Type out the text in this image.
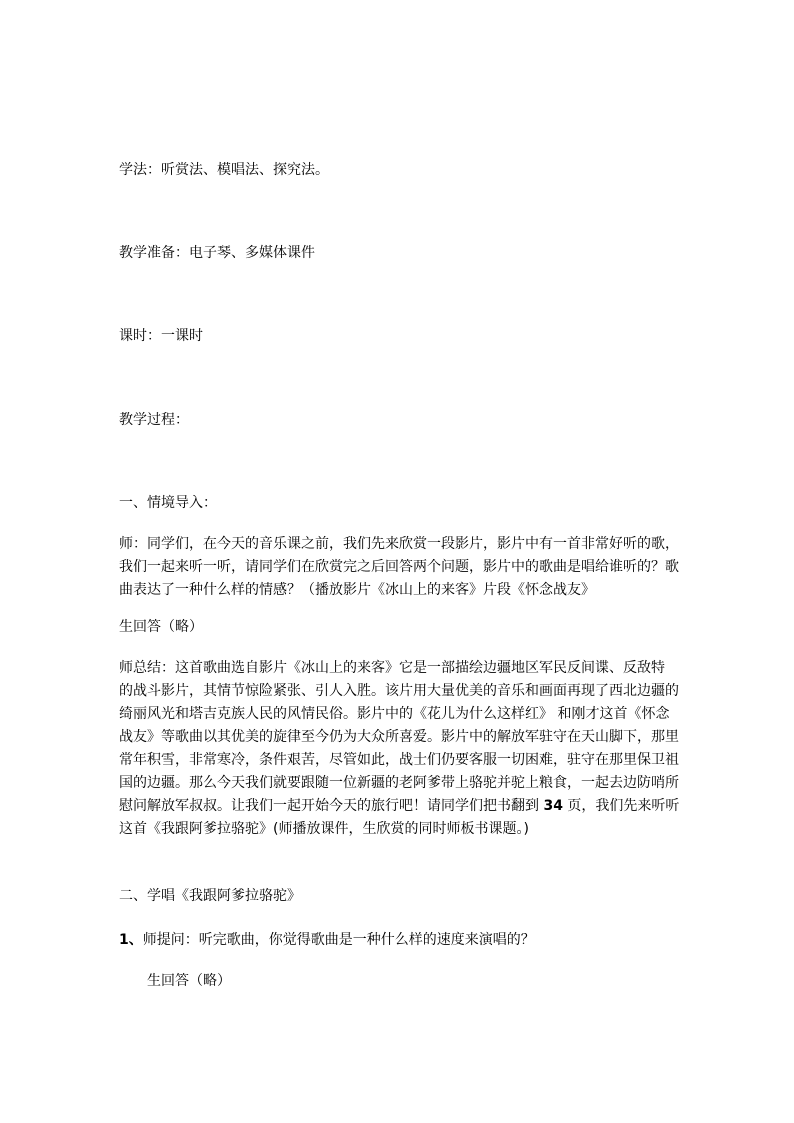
学法：听赏法、模唱法、探究法。
教学准备：电子琴、多媒体课件
课时：一课时
教学过程：
一、情境导入：
师：同学们，在今天的音乐课之前，我们先来欣赏一段影片，影片中有一首非常好听的歌，
我们一起来听一听，请同学们在欣赏完之后回答两个问题，影片中的歌曲是唱给谁听的？歌
曲表达了一种什么样的情感？（播放影片《冰山上的来客》片段《怀念战友》
生回答（略）
师总结：这首歌曲选自影片《冰山上的来客》它是一部描绘边疆地区军民反间谍、反敌特
的战斗影片，其情节惊险紧张、引人入胜。该片用大量优美的音乐和画面再现了西北边疆的
绮丽风光和塔吉克族人民的风情民俗。影片中的《花儿为什么这样红》 和刚才这首《怀念
战友》等歌曲以其优美的旋律至今仍为大众所喜爱。影片中的解放军驻守在天山脚下，那里
常年积雪，非常寒冷，条件艰苦，尽管如此，战士们仍要客服一切困难，驻守在那里保卫祖
国的边疆。那么今天我们就要跟随一位新疆的老阿爹带上骆驼并驼上粮食，一起去边防哨所
慰问解放军叔叔。让我们一起开始今天的旅行吧！请同学们把书翻到 34 页，我们先来听听
这首《我跟阿爹拉骆驼》(师播放课件，生欣赏的同时师板书课题。)
二、学唱《我跟阿爹拉骆驼》
1、师提问：听完歌曲，你觉得歌曲是一种什么样的速度来演唱的？
生回答（略）
